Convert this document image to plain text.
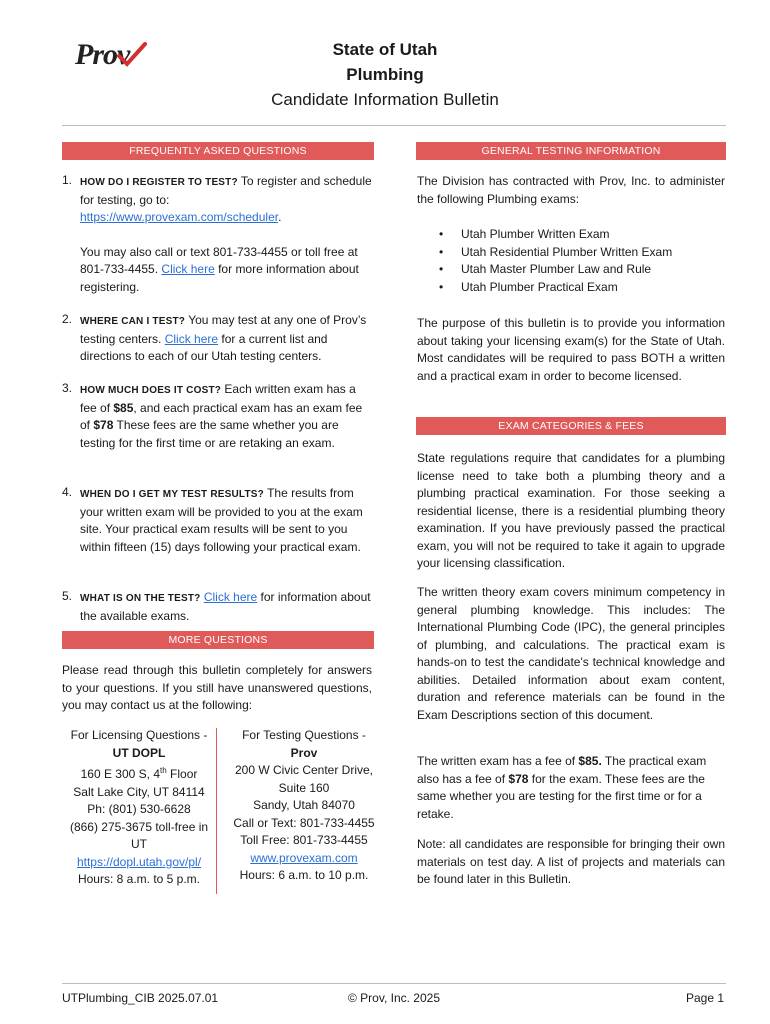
Prov	State of Utah
Plumbing
Candidate Information Bulletin
FREQUENTLY ASKED QUESTIONS
1. HOW DO I REGISTER TO TEST? To register and schedule for testing, go to:
https://www.provexam.com/scheduler.
You may also call or text 801-733-4455 or toll free at 801-733-4455. Click here for more information about registering.
2. WHERE CAN I TEST? You may test at any one of Prov’s testing centers. Click here for a current list and directions to each of our Utah testing centers.
3. HOW MUCH DOES IT COST? Each written exam has a fee of $85, and each practical exam has an exam fee of $78 These fees are the same whether you are testing for the first time or are retaking an exam.
4. WHEN DO I GET MY TEST RESULTS? The results from your written exam will be provided to you at the exam site. Your practical exam results will be sent to you within fifteen (15) days following your practical exam.
5. WHAT IS ON THE TEST? Click here for information about the available exams.
MORE QUESTIONS
Please read through this bulletin completely for answers to your questions. If you still have unanswered questions, you may contact us at the following:
For Licensing Questions -
UT DOPL
160 E 300 S, 4th Floor
Salt Lake City, UT 84114
Ph: (801) 530-6628
(866) 275-3675 toll-free in UT
https://dopl.utah.gov/pl/
Hours: 8 a.m. to 5 p.m.
For Testing Questions -
Prov
200 W Civic Center Drive, Suite 160
Sandy, Utah 84070
Call or Text: 801-733-4455
Toll Free: 801-733-4455
www.provexam.com
Hours: 6 a.m. to 10 p.m.
GENERAL TESTING INFORMATION
The Division has contracted with Prov, Inc. to administer the following Plumbing exams:
• Utah Plumber Written Exam
• Utah Residential Plumber Written Exam
• Utah Master Plumber Law and Rule
• Utah Plumber Practical Exam
The purpose of this bulletin is to provide you information about taking your licensing exam(s) for the State of Utah. Most candidates will be required to pass BOTH a written and a practical exam in order to become licensed.
EXAM CATEGORIES & FEES
State regulations require that candidates for a plumbing license need to take both a plumbing theory and a plumbing practical examination. For those seeking a residential license, there is a residential plumbing theory examination. If you have previously passed the practical exam, you will not be required to take it again to upgrade your licensing classification.
The written theory exam covers minimum competency in general plumbing knowledge. This includes: The International Plumbing Code (IPC), the general principles of plumbing, and calculations. The practical exam is hands-on to test the candidate's technical knowledge and abilities. Detailed information about exam content, duration and reference materials can be found in the Exam Descriptions section of this document.
The written exam has a fee of $85. The practical exam also has a fee of $78 for the exam. These fees are the same whether you are testing for the first time or for a retake.
Note: all candidates are responsible for bringing their own materials on test day. A list of projects and materials can be found later in this Bulletin.
UTPlumbing_CIB 2025.07.01	© Prov, Inc. 2025	Page 1
